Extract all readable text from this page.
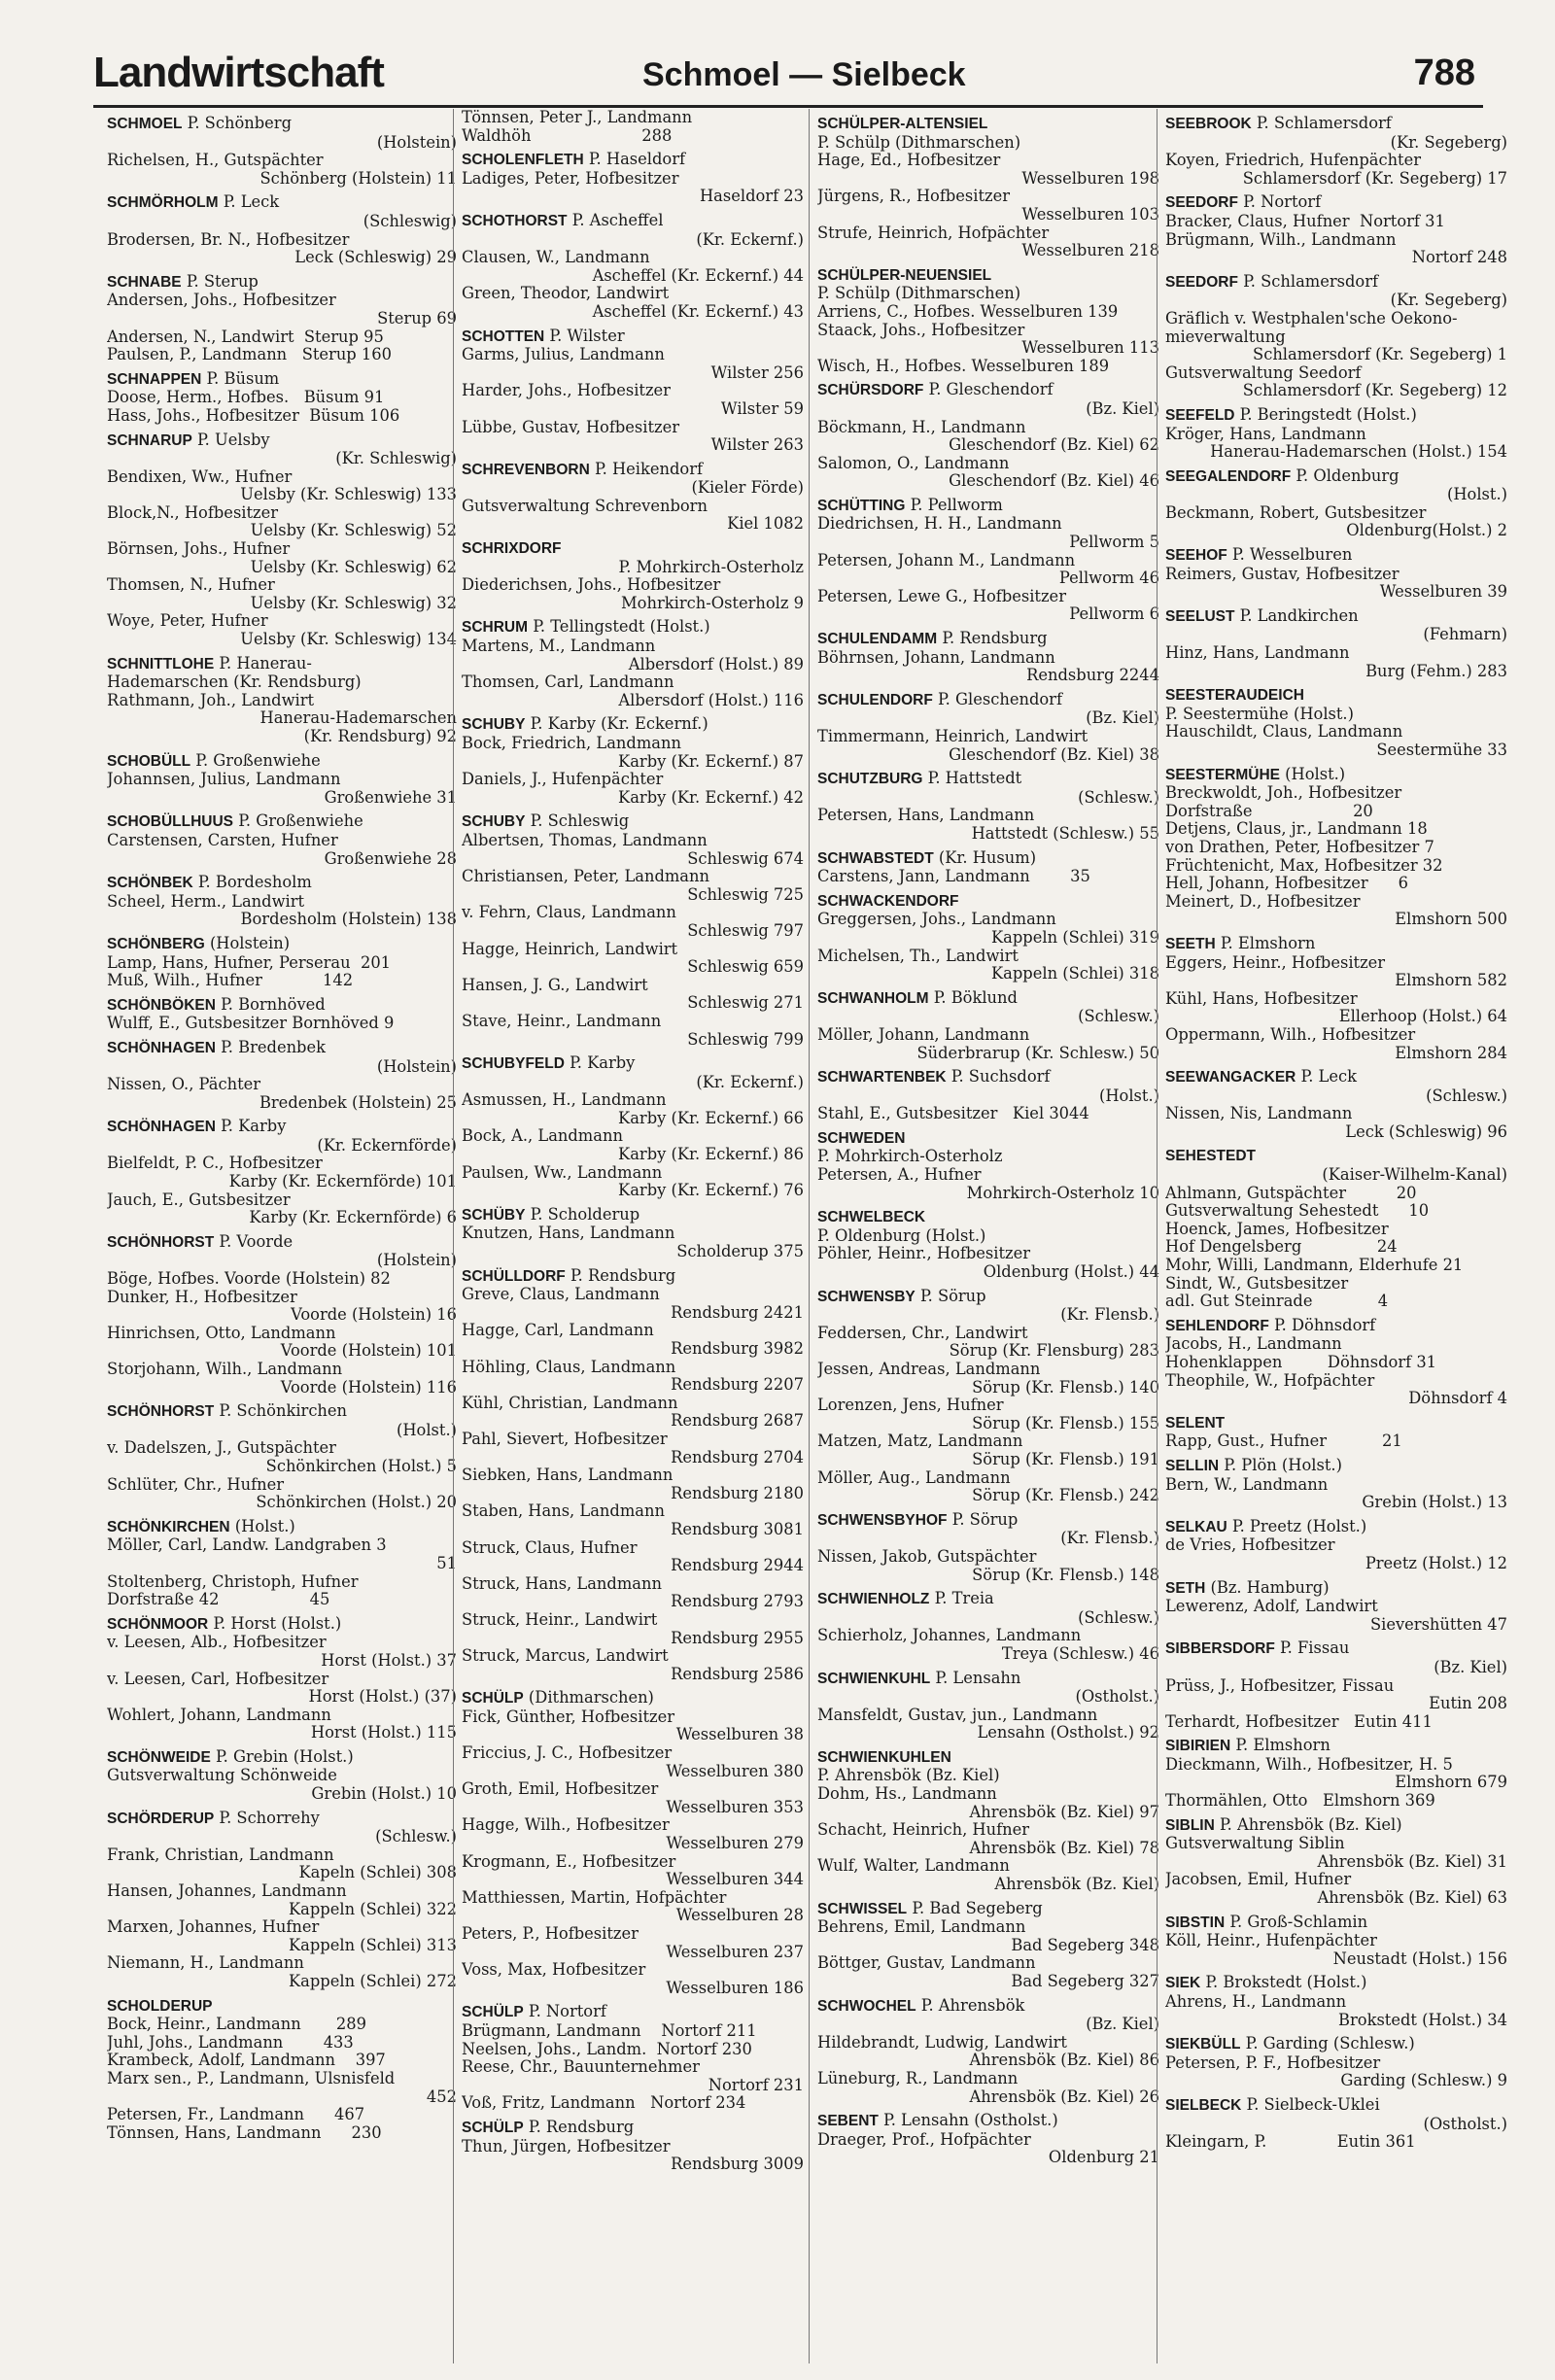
Landwirtschaft	Schmoel — Sielbeck	788
SCHMOEL P. Schönberg
(Holstein)
Richelsen, H., Gutspächter
Schönberg (Holstein) 11
SCHMÖRHOLM P. Leck
(Schleswig)
Brodersen, Br. N., Hofbesitzer
Leck (Schleswig) 29
SCHNABE P. Sterup
Andersen, Johs., Hofbesitzer
Sterup 69
Andersen, N., Landwirt  Sterup 95
Paulsen, P., Landmann   Sterup 160
SCHNAPPEN P. Büsum
Doose, Herm., Hofbes.   Büsum 91
Hass, Johs., Hofbesitzer  Büsum 106
SCHNARUP P. Uelsby
(Kr. Schleswig)
Bendixen, Ww., Hufner
Uelsby (Kr. Schleswig) 133
Block,N., Hofbesitzer
Uelsby (Kr. Schleswig) 52
Börnsen, Johs., Hufner
Uelsby (Kr. Schleswig) 62
Thomsen, N., Hufner
Uelsby (Kr. Schleswig) 32
Woye, Peter, Hufner
Uelsby (Kr. Schleswig) 134
SCHNITTLOHE P. Hanerau-
Hademarschen (Kr. Rendsburg)
Rathmann, Joh., Landwirt
Hanerau-Hademarschen
(Kr. Rendsburg) 92
SCHOBÜLL P. Großenwiehe
Johannsen, Julius, Landmann
Großenwiehe 31
SCHOBÜLLHUUS P. Großenwiehe
Carstensen, Carsten, Hufner
Großenwiehe 28
SCHÖNBEK P. Bordesholm
Scheel, Herm., Landwirt
Bordesholm (Holstein) 138
SCHÖNBERG (Holstein)
Lamp, Hans, Hufner, Perserau  201
Muß, Wilh., Hufner            142
SCHÖNBÖKEN P. Bornhöved
Wulff, E., Gutsbesitzer Bornhöved 9
SCHÖNHAGEN P. Bredenbek
(Holstein)
Nissen, O., Pächter
Bredenbek (Holstein) 25
SCHÖNHAGEN P. Karby
(Kr. Eckernförde)
Bielfeldt, P. C., Hofbesitzer
Karby (Kr. Eckernförde) 101
Jauch, E., Gutsbesitzer
Karby (Kr. Eckernförde) 6
SCHÖNHORST P. Voorde
(Holstein)
Böge, Hofbes. Voorde (Holstein) 82
Dunker, H., Hofbesitzer
Voorde (Holstein) 16
Hinrichsen, Otto, Landmann
Voorde (Holstein) 101
Storjohann, Wilh., Landmann
Voorde (Holstein) 116
SCHÖNHORST P. Schönkirchen
(Holst.)
v. Dadelszen, J., Gutspächter
Schönkirchen (Holst.) 5
Schlüter, Chr., Hufner
Schönkirchen (Holst.) 20
SCHÖNKIRCHEN (Holst.)
Möller, Carl, Landw. Landgraben 3
51
Stoltenberg, Christoph, Hufner
Dorfstraße 42                  45
SCHÖNMOOR P. Horst (Holst.)
v. Leesen, Alb., Hofbesitzer
Horst (Holst.) 37
v. Leesen, Carl, Hofbesitzer
Horst (Holst.) (37)
Wohlert, Johann, Landmann
Horst (Holst.) 115
SCHÖNWEIDE P. Grebin (Holst.)
Gutsverwaltung Schönweide
Grebin (Holst.) 10
SCHÖRDERUP P. Schorrehy
(Schlesw.)
Frank, Christian, Landmann
Kapeln (Schlei) 308
Hansen, Johannes, Landmann
Kappeln (Schlei) 322
Marxen, Johannes, Hufner
Kappeln (Schlei) 313
Niemann, H., Landmann
Kappeln (Schlei) 272
SCHOLDERUP
Bock, Heinr., Landmann       289
Juhl, Johs., Landmann        433
Krambeck, Adolf, Landmann    397
Marx sen., P., Landmann, Ulsnisfeld
452
Petersen, Fr., Landmann      467
Tönnsen, Hans, Landmann      230
Tönnsen, Peter J., Landmann
Waldhöh                      288
SCHOLENFLETH P. Haseldorf
Ladiges, Peter, Hofbesitzer
Haseldorf 23
SCHOTHORST P. Ascheffel
(Kr. Eckernf.)
Clausen, W., Landmann
Ascheffel (Kr. Eckernf.) 44
Green, Theodor, Landwirt
Ascheffel (Kr. Eckernf.) 43
SCHOTTEN P. Wilster
Garms, Julius, Landmann
Wilster 256
Harder, Johs., Hofbesitzer
Wilster 59
Lübbe, Gustav, Hofbesitzer
Wilster 263
SCHREVENBORN P. Heikendorf
(Kieler Förde)
Gutsverwaltung Schrevenborn
Kiel 1082
SCHRIXDORF
P. Mohrkirch-Osterholz
Diederichsen, Johs., Hofbesitzer
Mohrkirch-Osterholz 9
SCHRUM P. Tellingstedt (Holst.)
Martens, M., Landmann
Albersdorf (Holst.) 89
Thomsen, Carl, Landmann
Albersdorf (Holst.) 116
SCHUBY P. Karby (Kr. Eckernf.)
Bock, Friedrich, Landmann
Karby (Kr. Eckernf.) 87
Daniels, J., Hufenpächter
Karby (Kr. Eckernf.) 42
SCHUBY P. Schleswig
Albertsen, Thomas, Landmann
Schleswig 674
Christiansen, Peter, Landmann
Schleswig 725
v. Fehrn, Claus, Landmann
Schleswig 797
Hagge, Heinrich, Landwirt
Schleswig 659
Hansen, J. G., Landwirt
Schleswig 271
Stave, Heinr., Landmann
Schleswig 799
SCHUBYFELD P. Karby
(Kr. Eckernf.)
Asmussen, H., Landmann
Karby (Kr. Eckernf.) 66
Bock, A., Landmann
Karby (Kr. Eckernf.) 86
Paulsen, Ww., Landmann
Karby (Kr. Eckernf.) 76
SCHÜBY P. Scholderup
Knutzen, Hans, Landmann
Scholderup 375
SCHÜLLDORF P. Rendsburg
Greve, Claus, Landmann
Rendsburg 2421
Hagge, Carl, Landmann
Rendsburg 3982
Höhling, Claus, Landmann
Rendsburg 2207
Kühl, Christian, Landmann
Rendsburg 2687
Pahl, Sievert, Hofbesitzer
Rendsburg 2704
Siebken, Hans, Landmann
Rendsburg 2180
Staben, Hans, Landmann
Rendsburg 3081
Struck, Claus, Hufner
Rendsburg 2944
Struck, Hans, Landmann
Rendsburg 2793
Struck, Heinr., Landwirt
Rendsburg 2955
Struck, Marcus, Landwirt
Rendsburg 2586
SCHÜLP (Dithmarschen)
Fick, Günther, Hofbesitzer
Wesselburen 38
Friccius, J. C., Hofbesitzer
Wesselburen 380
Groth, Emil, Hofbesitzer
Wesselburen 353
Hagge, Wilh., Hofbesitzer
Wesselburen 279
Krogmann, E., Hofbesitzer
Wesselburen 344
Matthiessen, Martin, Hofpächter
Wesselburen 28
Peters, P., Hofbesitzer
Wesselburen 237
Voss, Max, Hofbesitzer
Wesselburen 186
SCHÜLP P. Nortorf
Brügmann, Landmann    Nortorf 211
Neelsen, Johs., Landm.  Nortorf 230
Reese, Chr., Bauunternehmer
Nortorf 231
Voß, Fritz, Landmann   Nortorf 234
SCHÜLP P. Rendsburg
Thun, Jürgen, Hofbesitzer
Rendsburg 3009
SCHÜLPER-ALTENSIEL
P. Schülp (Dithmarschen)
Hage, Ed., Hofbesitzer
Wesselburen 198
Jürgens, R., Hofbesitzer
Wesselburen 103
Strufe, Heinrich, Hofpächter
Wesselburen 218
SCHÜLPER-NEUENSIEL
P. Schülp (Dithmarschen)
Arriens, C., Hofbes. Wesselburen 139
Staack, Johs., Hofbesitzer
Wesselburen 113
Wisch, H., Hofbes. Wesselburen 189
SCHÜRSDORF P. Gleschendorf
(Bz. Kiel)
Böckmann, H., Landmann
Gleschendorf (Bz. Kiel) 62
Salomon, O., Landmann
Gleschendorf (Bz. Kiel) 46
SCHÜTTING P. Pellworm
Diedrichsen, H. H., Landmann
Pellworm 5
Petersen, Johann M., Landmann
Pellworm 46
Petersen, Lewe G., Hofbesitzer
Pellworm 6
SCHULENDAMM P. Rendsburg
Böhrnsen, Johann, Landmann
Rendsburg 2244
SCHULENDORF P. Gleschendorf
(Bz. Kiel)
Timmermann, Heinrich, Landwirt
Gleschendorf (Bz. Kiel) 38
SCHUTZBURG P. Hattstedt
(Schlesw.)
Petersen, Hans, Landmann
Hattstedt (Schlesw.) 55
SCHWABSTEDT (Kr. Husum)
Carstens, Jann, Landmann        35
SCHWACKENDORF
Greggersen, Johs., Landmann
Kappeln (Schlei) 319
Michelsen, Th., Landwirt
Kappeln (Schlei) 318
SCHWANHOLM P. Böklund
(Schlesw.)
Möller, Johann, Landmann
Süderbrarup (Kr. Schlesw.) 50
SCHWARTENBEK P. Suchsdorf
(Holst.)
Stahl, E., Gutsbesitzer   Kiel 3044
SCHWEDEN
P. Mohrkirch-Osterholz
Petersen, A., Hufner
Mohrkirch-Osterholz 10
SCHWELBECK
P. Oldenburg (Holst.)
Pöhler, Heinr., Hofbesitzer
Oldenburg (Holst.) 44
SCHWENSBY P. Sörup
(Kr. Flensb.)
Feddersen, Chr., Landwirt
Sörup (Kr. Flensburg) 283
Jessen, Andreas, Landmann
Sörup (Kr. Flensb.) 140
Lorenzen, Jens, Hufner
Sörup (Kr. Flensb.) 155
Matzen, Matz, Landmann
Sörup (Kr. Flensb.) 191
Möller, Aug., Landmann
Sörup (Kr. Flensb.) 242
SCHWENSBYHOF P. Sörup
(Kr. Flensb.)
Nissen, Jakob, Gutspächter
Sörup (Kr. Flensb.) 148
SCHWIENHOLZ P. Treia
(Schlesw.)
Schierholz, Johannes, Landmann
Treya (Schlesw.) 46
SCHWIENKUHL P. Lensahn
(Ostholst.)
Mansfeldt, Gustav, jun., Landmann
Lensahn (Ostholst.) 92
SCHWIENKUHLEN
P. Ahrensbök (Bz. Kiel)
Dohm, Hs., Landmann
Ahrensbök (Bz. Kiel) 97
Schacht, Heinrich, Hufner
Ahrensbök (Bz. Kiel) 78
Wulf, Walter, Landmann
Ahrensbök (Bz. Kiel)
SCHWISSEL P. Bad Segeberg
Behrens, Emil, Landmann
Bad Segeberg 348
Böttger, Gustav, Landmann
Bad Segeberg 327
SCHWOCHEL P. Ahrensbök
(Bz. Kiel)
Hildebrandt, Ludwig, Landwirt
Ahrensbök (Bz. Kiel) 86
Lüneburg, R., Landmann
Ahrensbök (Bz. Kiel) 26
SEBENT P. Lensahn (Ostholst.)
Draeger, Prof., Hofpächter
Oldenburg 21
SEEBROOK P. Schlamersdorf
(Kr. Segeberg)
Koyen, Friedrich, Hufenpächter
Schlamersdorf (Kr. Segeberg) 17
SEEDORF P. Nortorf
Bracker, Claus, Hufner  Nortorf 31
Brügmann, Wilh., Landmann
Nortorf 248
SEEDORF P. Schlamersdorf
(Kr. Segeberg)
Gräflich v. Westphalen'sche Oekono-
mieverwaltung
Schlamersdorf (Kr. Segeberg) 1
Gutsverwaltung Seedorf
Schlamersdorf (Kr. Segeberg) 12
SEEFELD P. Beringstedt (Holst.)
Kröger, Hans, Landmann
Hanerau-Hademarschen (Holst.) 154
SEEGALENDORF P. Oldenburg
(Holst.)
Beckmann, Robert, Gutsbesitzer
Oldenburg(Holst.) 2
SEEHOF P. Wesselburen
Reimers, Gustav, Hofbesitzer
Wesselburen 39
SEELUST P. Landkirchen
(Fehmarn)
Hinz, Hans, Landmann
Burg (Fehm.) 283
SEESTERAUDEICH
P. Seestermühe (Holst.)
Hauschildt, Claus, Landmann
Seestermühe 33
SEESTERMÜHE (Holst.)
Breckwoldt, Joh., Hofbesitzer
Dorfstraße                    20
Detjens, Claus, jr., Landmann 18
von Drathen, Peter, Hofbesitzer 7
Früchtenicht, Max, Hofbesitzer 32
Hell, Johann, Hofbesitzer      6
Meinert, D., Hofbesitzer
Elmshorn 500
SEETH P. Elmshorn
Eggers, Heinr., Hofbesitzer
Elmshorn 582
Kühl, Hans, Hofbesitzer
Ellerhoop (Holst.) 64
Oppermann, Wilh., Hofbesitzer
Elmshorn 284
SEEWANGACKER P. Leck
(Schlesw.)
Nissen, Nis, Landmann
Leck (Schleswig) 96
SEHESTEDT
(Kaiser-Wilhelm-Kanal)
Ahlmann, Gutspächter          20
Gutsverwaltung Sehestedt      10
Hoenck, James, Hofbesitzer
Hof Dengelsberg               24
Mohr, Willi, Landmann, Elderhufe 21
Sindt, W., Gutsbesitzer
adl. Gut Steinrade             4
SEHLENDORF P. Döhnsdorf
Jacobs, H., Landmann
Hohenklappen         Döhnsdorf 31
Theophile, W., Hofpächter
Döhnsdorf 4
SELENT
Rapp, Gust., Hufner           21
SELLIN P. Plön (Holst.)
Bern, W., Landmann
Grebin (Holst.) 13
SELKAU P. Preetz (Holst.)
de Vries, Hofbesitzer
Preetz (Holst.) 12
SETH (Bz. Hamburg)
Lewerenz, Adolf, Landwirt
Sievershütten 47
SIBBERSDORF P. Fissau
(Bz. Kiel)
Prüss, J., Hofbesitzer, Fissau
Eutin 208
Terhardt, Hofbesitzer   Eutin 411
SIBIRIEN P. Elmshorn
Dieckmann, Wilh., Hofbesitzer, H. 5
Elmshorn 679
Thormählen, Otto   Elmshorn 369
SIBLIN P. Ahrensbök (Bz. Kiel)
Gutsverwaltung Siblin
Ahrensbök (Bz. Kiel) 31
Jacobsen, Emil, Hufner
Ahrensbök (Bz. Kiel) 63
SIBSTIN P. Groß-Schlamin
Köll, Heinr., Hufenpächter
Neustadt (Holst.) 156
SIEK P. Brokstedt (Holst.)
Ahrens, H., Landmann
Brokstedt (Holst.) 34
SIEKBÜLL P. Garding (Schlesw.)
Petersen, P. F., Hofbesitzer
Garding (Schlesw.) 9
SIELBECK P. Sielbeck-Uklei
(Ostholst.)
Kleingarn, P.              Eutin 361
